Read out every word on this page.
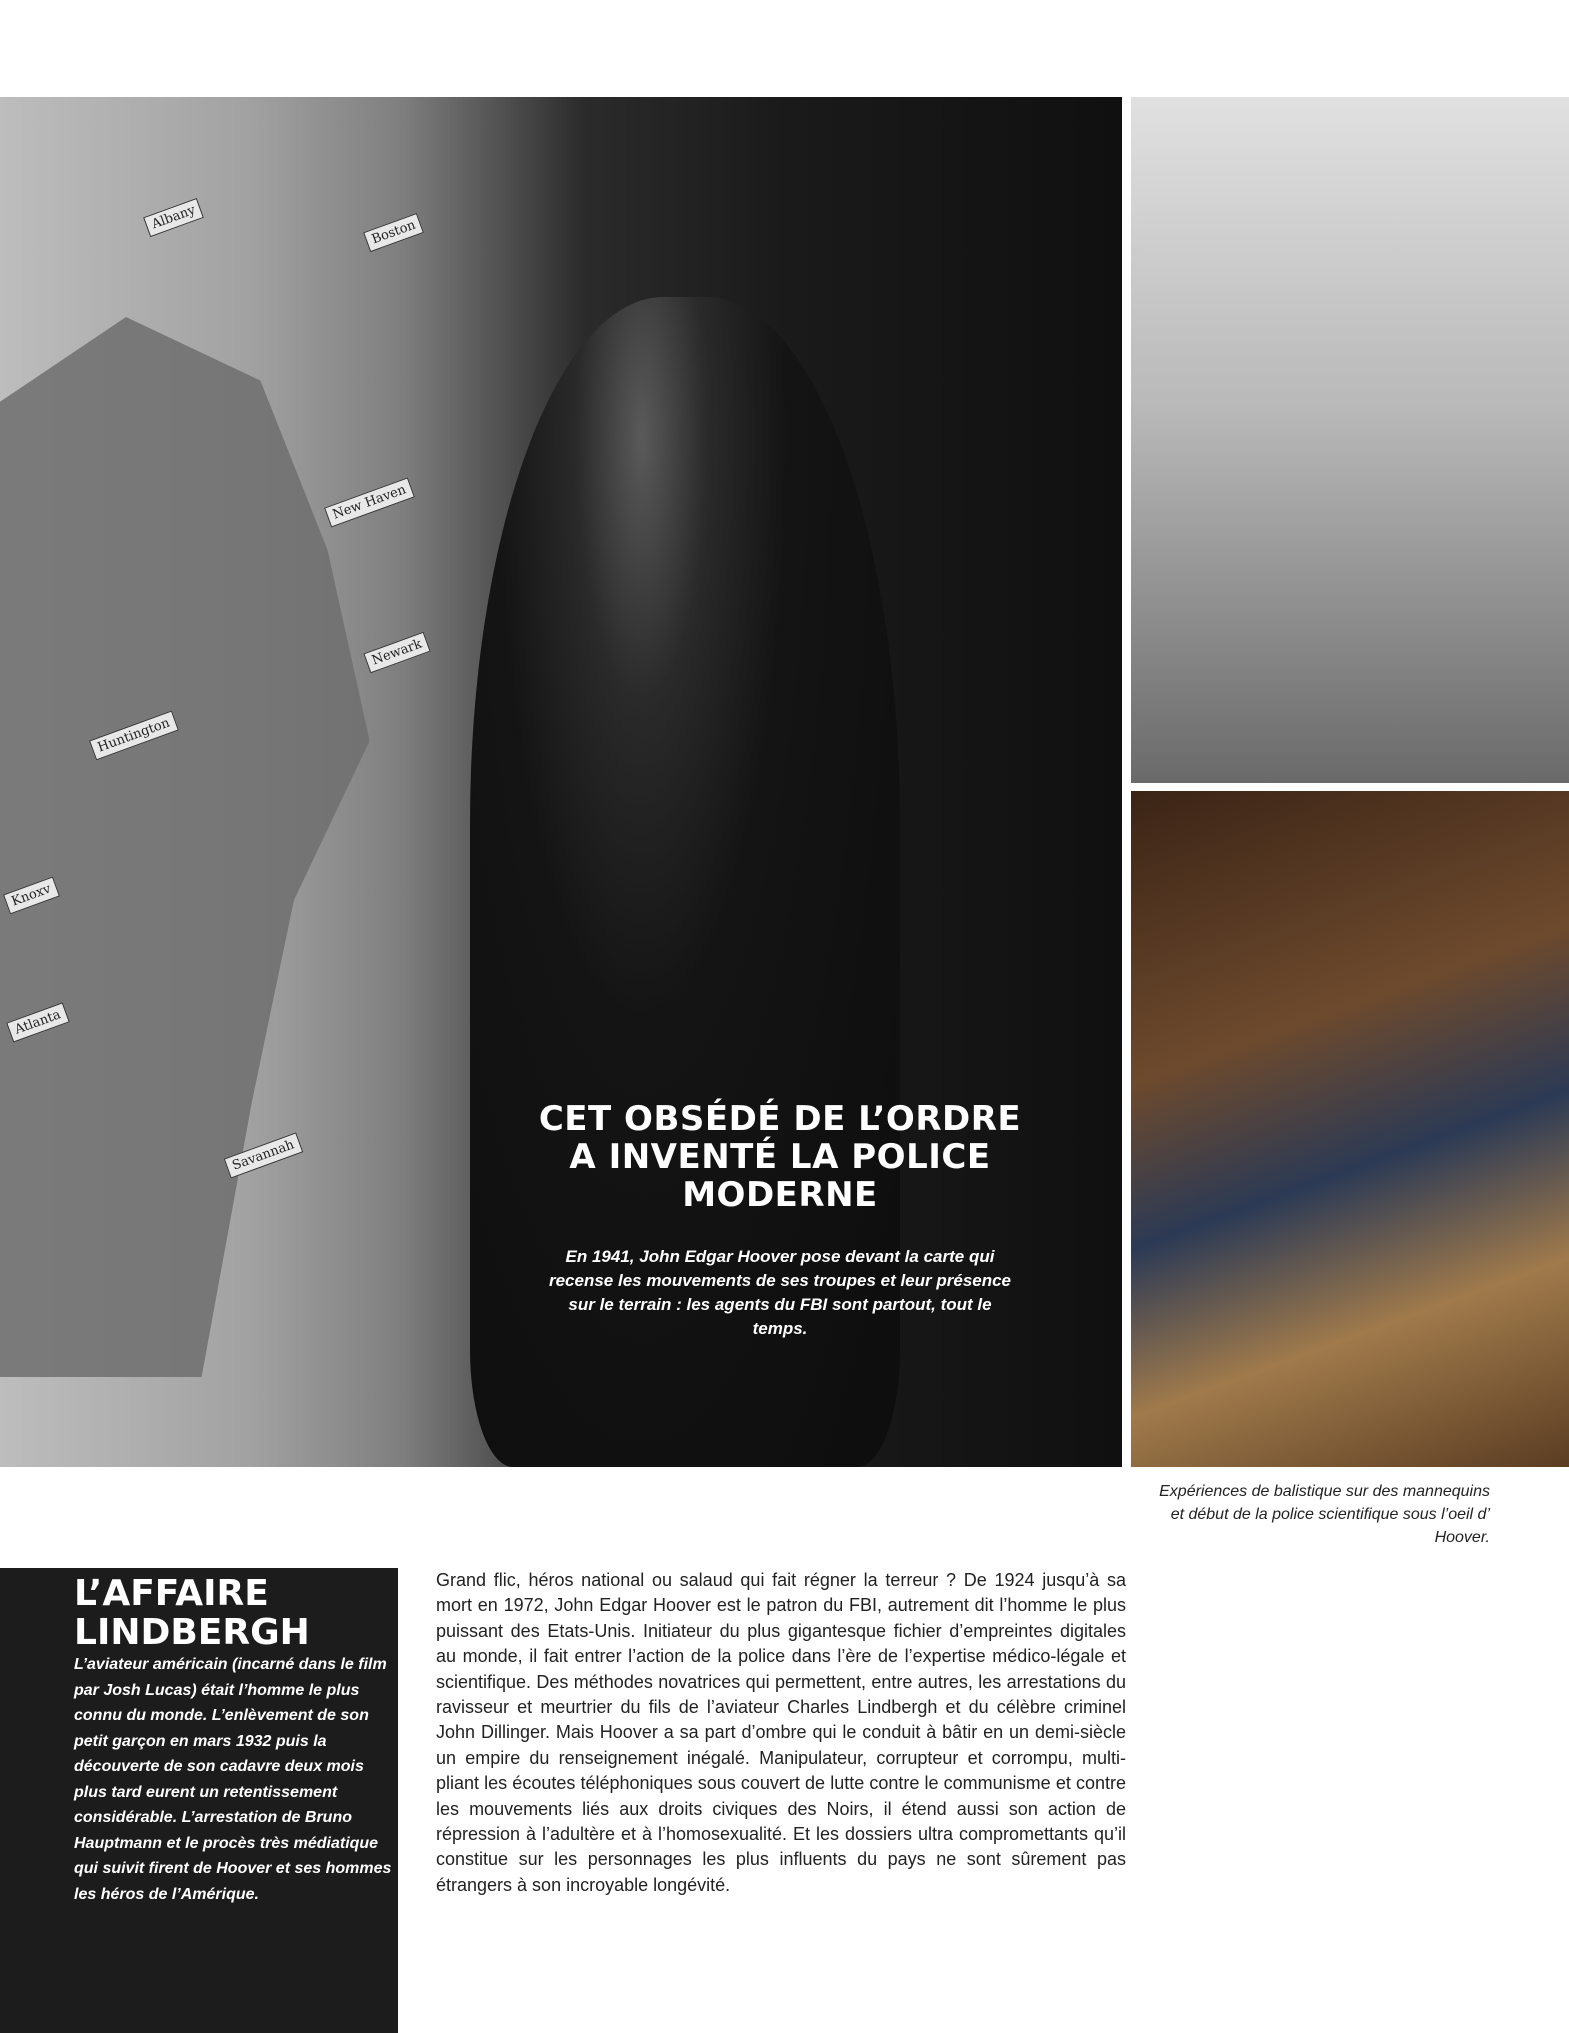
Albany
Boston
New Haven
Newark
Huntington
Knoxv
Atlanta
Savannah
CET OBSÉDÉ DE L’ORDRE A INVENTÉ LA POLICE MODERNE
En 1941, John Edgar Hoover pose devant la carte qui recense les mouvements de ses troupes et leur présence sur le terrain : les agents du FBI sont partout, tout le temps.
Expériences de balistique sur des mannequins et début de la police scientifique sous l’oeil d’ Hoover.
L’AFFAIRE LINDBERGH
L’aviateur américain (incarné dans le film par Josh Lucas) était l’homme le plus connu du monde. L’enlèvement de son petit garçon en mars 1932 puis la découverte de son cadavre deux mois plus tard eurent un retentissement considérable. L’arrestation de Bruno Hauptmann et le procès très médiatique qui suivit firent de Hoover et ses hommes les héros de l’Amérique.
Grand flic, héros national ou salaud qui fait régner la terreur ? De 1924 jusqu’à sa mort en 1972, John Edgar Hoover est le patron du FBI, autrement dit l’homme le plus puissant des Etats-Unis. Initiateur du plus gigantesque fichier d’empreintes digitales au monde, il fait entrer l’action de la police dans l’ère de l’expertise médico-légale et scientifique. Des méthodes novatrices qui permettent, entre autres, les arrestations du ravisseur et meurtrier du fils de l’aviateur Charles Lindbergh et du célèbre criminel John Dillinger. Mais Hoover a sa part d’ombre qui le conduit à bâtir en un demi-siècle un empire du renseignement inégalé. Manipulateur, corrupteur et corrompu, multi-pliant les écoutes téléphoniques sous couvert de lutte contre le communisme et contre les mouvements liés aux droits civiques des Noirs, il étend aussi son action de répression à l’adultère et à l’homosexualité. Et les dossiers ultra compromettants qu’il constitue sur les personnages les plus influents du pays ne sont sûrement pas étrangers à son incroyable longévité.
